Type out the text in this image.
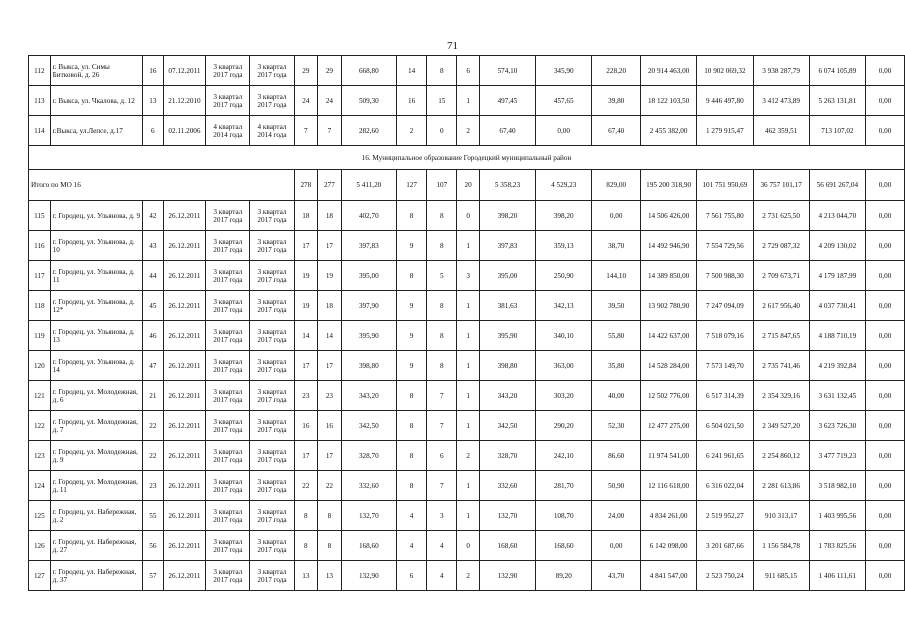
71
112	г. Выкса, ул. Симы Битковой, д. 26	16	07.12.2011	3 квартал 2017 года	3 квартал 2017 года	29	29	668,80	14	8	6	574,10	345,90	228,20	20 914 463,00	10 902 069,32	3 938 287,79	6 074 105,89	0,00
113	г. Выкса, ул. Чкалова, д. 12	13	21.12.2010	3 квартал 2017 года	3 квартал 2017 года	24	24	509,30	16	15	1	497,45	457,65	39,80	18 122 103,50	9 446 497,80	3 412 473,89	5 263 131,81	0,00
114	г.Выкса, ул.Лепсе, д.17	6	02.11.2006	4 квартал 2014 года	4 квартал 2014 года	7	7	282,60	2	0	2	67,40	0,00	67,40	2 455 382,00	1 279 915,47	462 359,51	713 107,02	0,00
16. Муниципальное образование Городецкий муниципальный район																			
Итого по МО 16						278	277	5 411,20	127	107	20	5 358,23	4 529,23	829,00	195 200 318,90	101 751 950,69	36 757 101,17	56 691 267,04	0,00
115	г. Городец, ул. Ульянова, д. 9	42	26.12.2011	3 квартал 2017 года	3 квартал 2017 года	18	18	402,70	8	8	0	398,20	398,20	0,00	14 506 426,00	7 561 755,80	2 731 625,50	4 213 044,70	0,00
116	г. Городец, ул. Ульянова, д. 10	43	26.12.2011	3 квартал 2017 года	3 квартал 2017 года	17	17	397,83	9	8	1	397,83	359,13	38,70	14 492 946,90	7 554 729,56	2 729 087,32	4 209 130,02	0,00
117	г. Городец, ул. Ульянова, д. 11	44	26.12.2011	3 квартал 2017 года	3 квартал 2017 года	19	19	395,00	8	5	3	395,00	250,90	144,10	14 389 850,00	7 500 988,30	2 709 673,71	4 179 187,99	0,00
118	г. Городец, ул. Ульянова, д. 12*	45	26.12.2011	3 квартал 2017 года	3 квартал 2017 года	19	18	397,90	9	8	1	381,63	342,13	39,50	13 902 780,90	7 247 094,09	2 617 956,40	4 037 730,41	0,00
119	г. Городец, ул. Ульянова, д. 13	46	26.12.2011	3 квартал 2017 года	3 квартал 2017 года	14	14	395,90	9	8	1	395,90	340,10	55,80	14 422 637,00	7 518 079,16	2 715 847,65	4 188 710,19	0,00
120	г. Городец, ул. Ульянова, д. 14	47	26.12.2011	3 квартал 2017 года	3 квартал 2017 года	17	17	398,80	9	8	1	398,80	363,00	35,80	14 528 284,00	7 573 149,70	2 735 741,46	4 219 392,84	0,00
121	г. Городец, ул. Молодежная, д. 6	21	26.12.2011	3 квартал 2017 года	3 квартал 2017 года	23	23	343,20	8	7	1	343,20	303,20	40,00	12 502 776,00	6 517 314,39	2 354 329,16	3 631 132,45	0,00
122	г. Городец, ул. Молодежная, д. 7	22	26.12.2011	3 квартал 2017 года	3 квартал 2017 года	16	16	342,50	8	7	1	342,50	290,20	52,30	12 477 275,00	6 504 021,50	2 349 527,20	3 623 726,30	0,00
123	г. Городец, ул. Молодежная, д. 9	22	26.12.2011	3 квартал 2017 года	3 квартал 2017 года	17	17	328,70	8	6	2	328,70	242,10	86,60	11 974 541,00	6 241 961,65	2 254 860,12	3 477 719,23	0,00
124	г. Городец, ул. Молодежная, д. 11	23	26.12.2011	3 квартал 2017 года	3 квартал 2017 года	22	22	332,60	8	7	1	332,60	281,70	50,90	12 116 618,00	6 316 022,04	2 281 613,86	3 518 982,10	0,00
125	г. Городец, ул. Набережная, д. 2	55	26.12.2011	3 квартал 2017 года	3 квартал 2017 года	8	8	132,70	4	3	1	132,70	108,70	24,00	4 834 261,00	2 519 952,27	910 313,17	1 403 995,56	0,00
126	г. Городец, ул. Набережная, д. 27	56	26.12.2011	3 квартал 2017 года	3 квартал 2017 года	8	8	168,60	4	4	0	168,60	168,60	0,00	6 142 098,00	3 201 687,66	1 156 584,78	1 783 825,56	0,00
127	г. Городец, ул. Набережная, д. 37	57	26.12.2011	3 квартал 2017 года	3 квартал 2017 года	13	13	132,90	6	4	2	132,90	89,20	43,70	4 841 547,00	2 523 750,24	911 685,15	1 406 111,61	0,00
